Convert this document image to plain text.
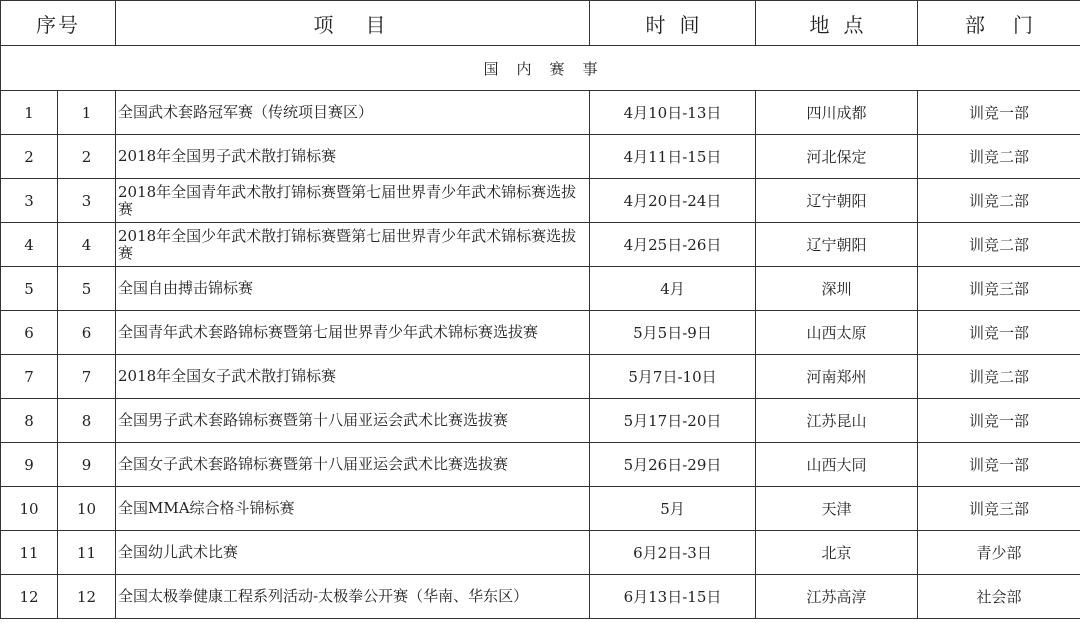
序号		项　目	时间	地点	部门
国内赛事					
1	1	全国武术套路冠军赛（传统项目赛区）	4月10日-13日	四川成都	训竞一部
2	2	2018年全国男子武术散打锦标赛	4月11日-15日	河北保定	训竞二部
3	3	2018年全国青年武术散打锦标赛暨第七届世界青少年武术锦标赛选拔赛	4月20日-24日	辽宁朝阳	训竞二部
4	4	2018年全国少年武术散打锦标赛暨第七届世界青少年武术锦标赛选拔赛	4月25日-26日	辽宁朝阳	训竞二部
5	5	全国自由搏击锦标赛	4月	深圳	训竞三部
6	6	全国青年武术套路锦标赛暨第七届世界青少年武术锦标赛选拔赛	5月5日-9日	山西太原	训竞一部
7	7	2018年全国女子武术散打锦标赛	5月7日-10日	河南郑州	训竞二部
8	8	全国男子武术套路锦标赛暨第十八届亚运会武术比赛选拔赛	5月17日-20日	江苏昆山	训竞一部
9	9	全国女子武术套路锦标赛暨第十八届亚运会武术比赛选拔赛	5月26日-29日	山西大同	训竞一部
10	10	全国MMA综合格斗锦标赛	5月	天津	训竞三部
11	11	全国幼儿武术比赛	6月2日-3日	北京	青少部
12	12	全国太极拳健康工程系列活动-太极拳公开赛（华南、华东区）	6月13日-15日	江苏高淳	社会部
